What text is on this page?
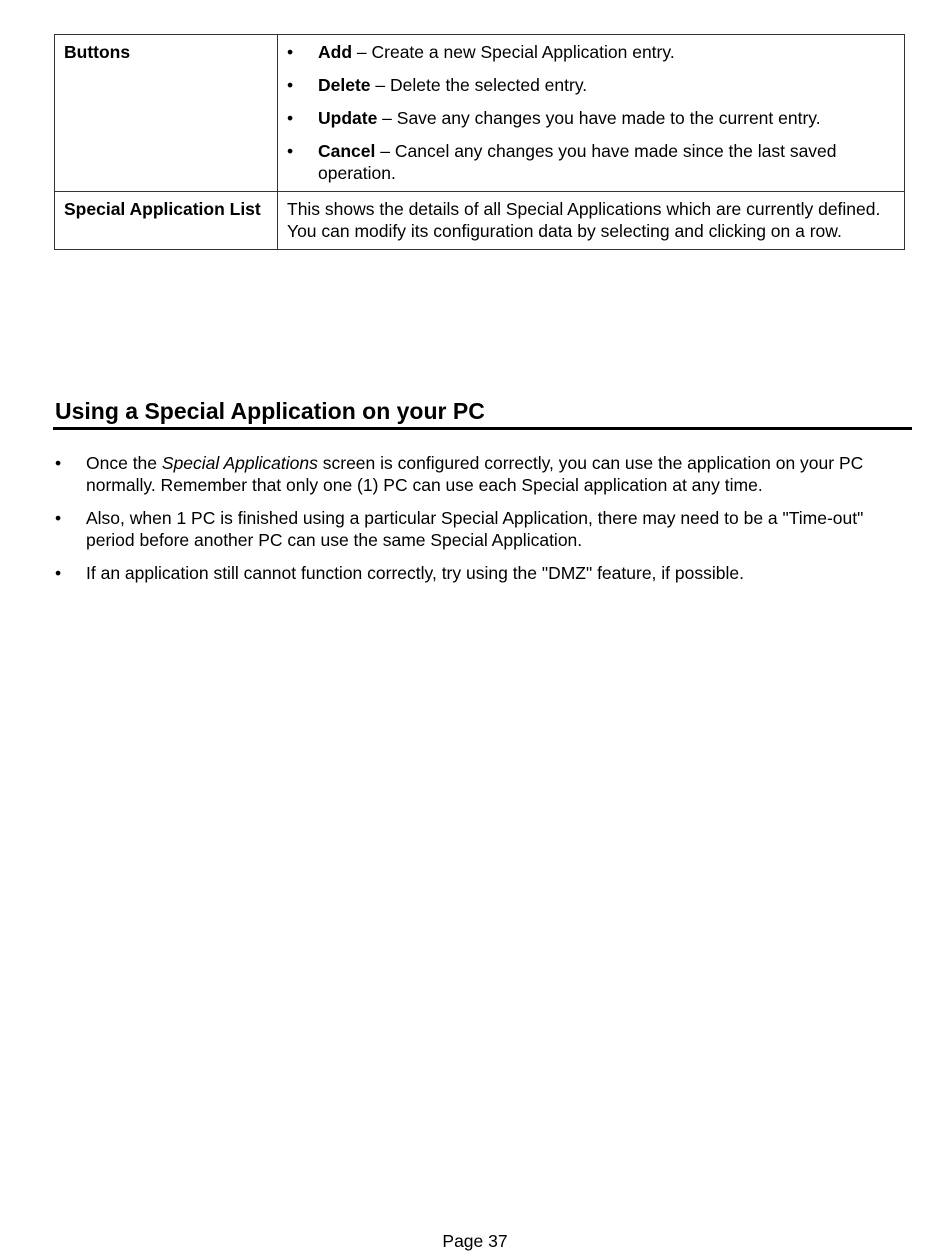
Buttons	• Add – Create a new Special Application entry.
• Delete – Delete the selected entry.
• Update – Save any changes you have made to the current entry.
• Cancel – Cancel any changes you have made since the last saved operation.

Special Application List	This shows the details of all Special Applications which are currently defined. You can modify its configuration data by selecting and clicking on a row.
Using a Special Application on your PC
• Once the Special Applications screen is configured correctly, you can use the application on your PC normally. Remember that only one (1) PC can use each Special application at any time.
• Also, when 1 PC is finished using a particular Special Application, there may need to be a "Time-out" period before another PC can use the same Special Application.
• If an application still cannot function correctly, try using the "DMZ" feature, if possible.
Page 37
